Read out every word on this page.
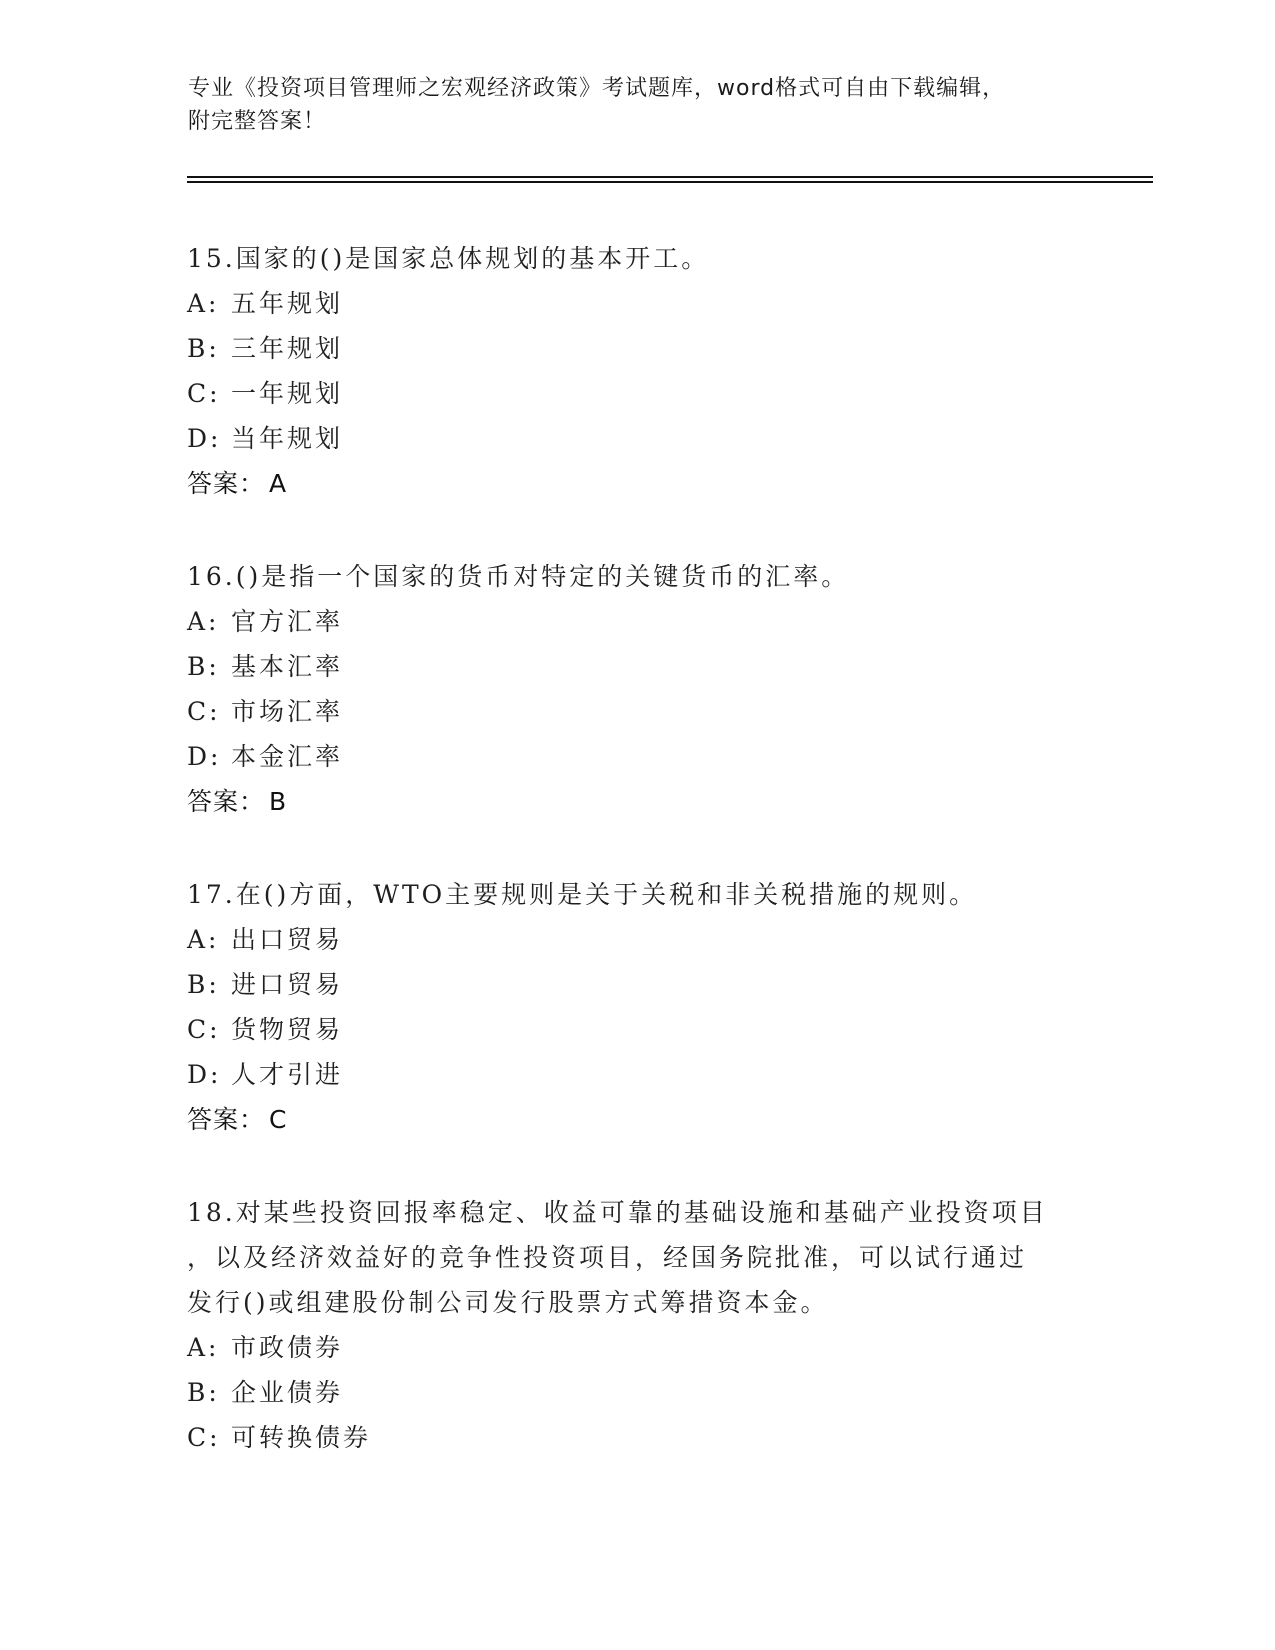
专业《投资项目管理师之宏观经济政策》考试题库，word格式可自由下载编辑，
附完整答案！
15.国家的()是国家总体规划的基本开工。
A: 五年规划
B: 三年规划
C: 一年规划
D: 当年规划
答案： A
16.()是指一个国家的货币对特定的关键货币的汇率。
A: 官方汇率
B: 基本汇率
C: 市场汇率
D: 本金汇率
答案： B
17.在()方面，WTO主要规则是关于关税和非关税措施的规则。
A: 出口贸易
B: 进口贸易
C: 货物贸易
D: 人才引进
答案： C
18.对某些投资回报率稳定、收益可靠的基础设施和基础产业投资项目
，以及经济效益好的竞争性投资项目，经国务院批准，可以试行通过
发行()或组建股份制公司发行股票方式筹措资本金。
A: 市政债券
B: 企业债券
C: 可转换债券
